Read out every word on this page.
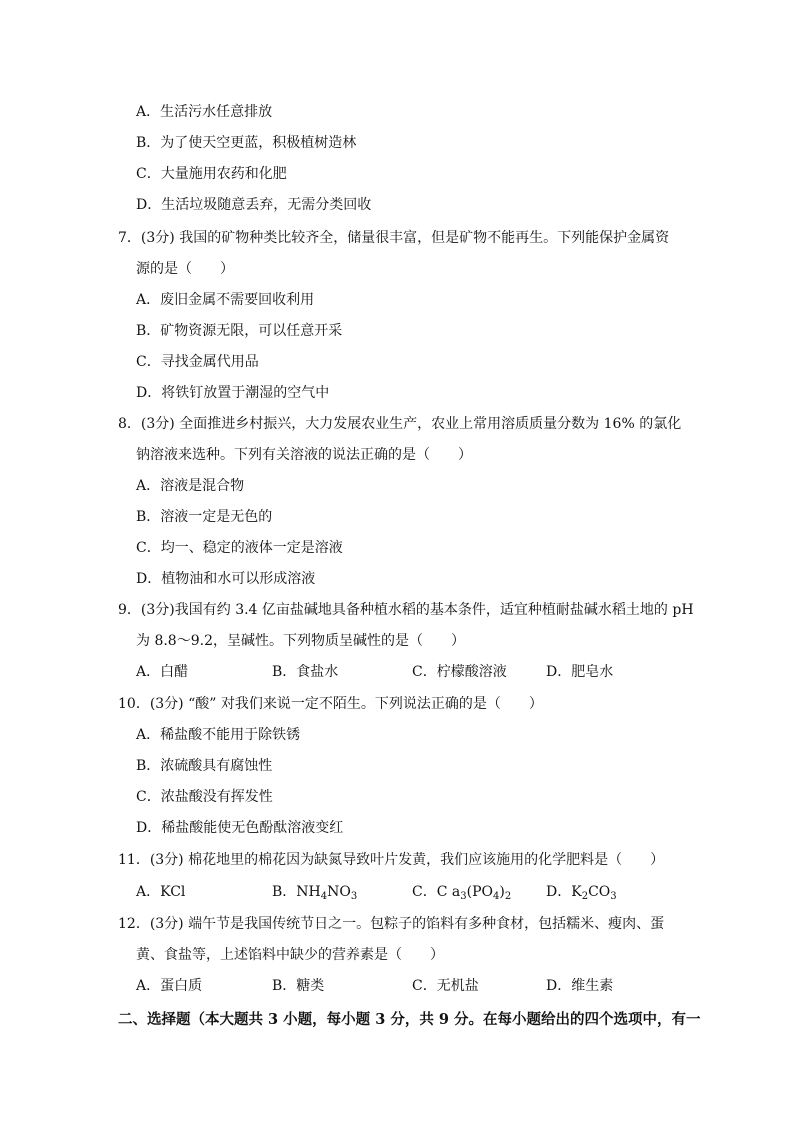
A．生活污水任意排放
B．为了使天空更蓝，积极植树造林
C．大量施用农药和化肥
D．生活垃圾随意丢弃，无需分类回收
7．(3分) 我国的矿物种类比较齐全，储量很丰富，但是矿物不能再生。下列能保护金属资
源的是（　　）
A．废旧金属不需要回收利用
B．矿物资源无限，可以任意开采
C．寻找金属代用品
D．将铁钉放置于潮湿的空气中
8．(3分) 全面推进乡村振兴，大力发展农业生产，农业上常用溶质质量分数为 16% 的氯化
钠溶液来选种。下列有关溶液的说法正确的是（　　）
A．溶液是混合物
B．溶液一定是无色的
C．均一、稳定的液体一定是溶液
D．植物油和水可以形成溶液
9．(3分)我国有约 3.4 亿亩盐碱地具备种植水稻的基本条件，适宜种植耐盐碱水稻土地的 pH
为 8.8～9.2，呈碱性。下列物质呈碱性的是（　　）
A．白醋	B．食盐水	C．柠檬酸溶液	D．肥皂水
10．(3分) “酸” 对我们来说一定不陌生。下列说法正确的是（　　）
A．稀盐酸不能用于除铁锈
B．浓硫酸具有腐蚀性
C．浓盐酸没有挥发性
D．稀盐酸能使无色酚酞溶液变红
11．(3分) 棉花地里的棉花因为缺氮导致叶片发黄，我们应该施用的化学肥料是（　　）
A．KCl	B．$NH_4NO_3$	C．C $a_3(PO_4)_2$ D．$K_2CO_3$
12．(3分) 端午节是我国传统节日之一。包粽子的馅料有多种食材，包括糯米、瘦肉、蛋
黄、食盐等，上述馅料中缺少的营养素是（　　）
A．蛋白质	B．糖类	C．无机盐	D．维生素
二、选择题（本大题共 3 小题，每小题 3 分，共 9 分。在每小题给出的四个选项中，有一
